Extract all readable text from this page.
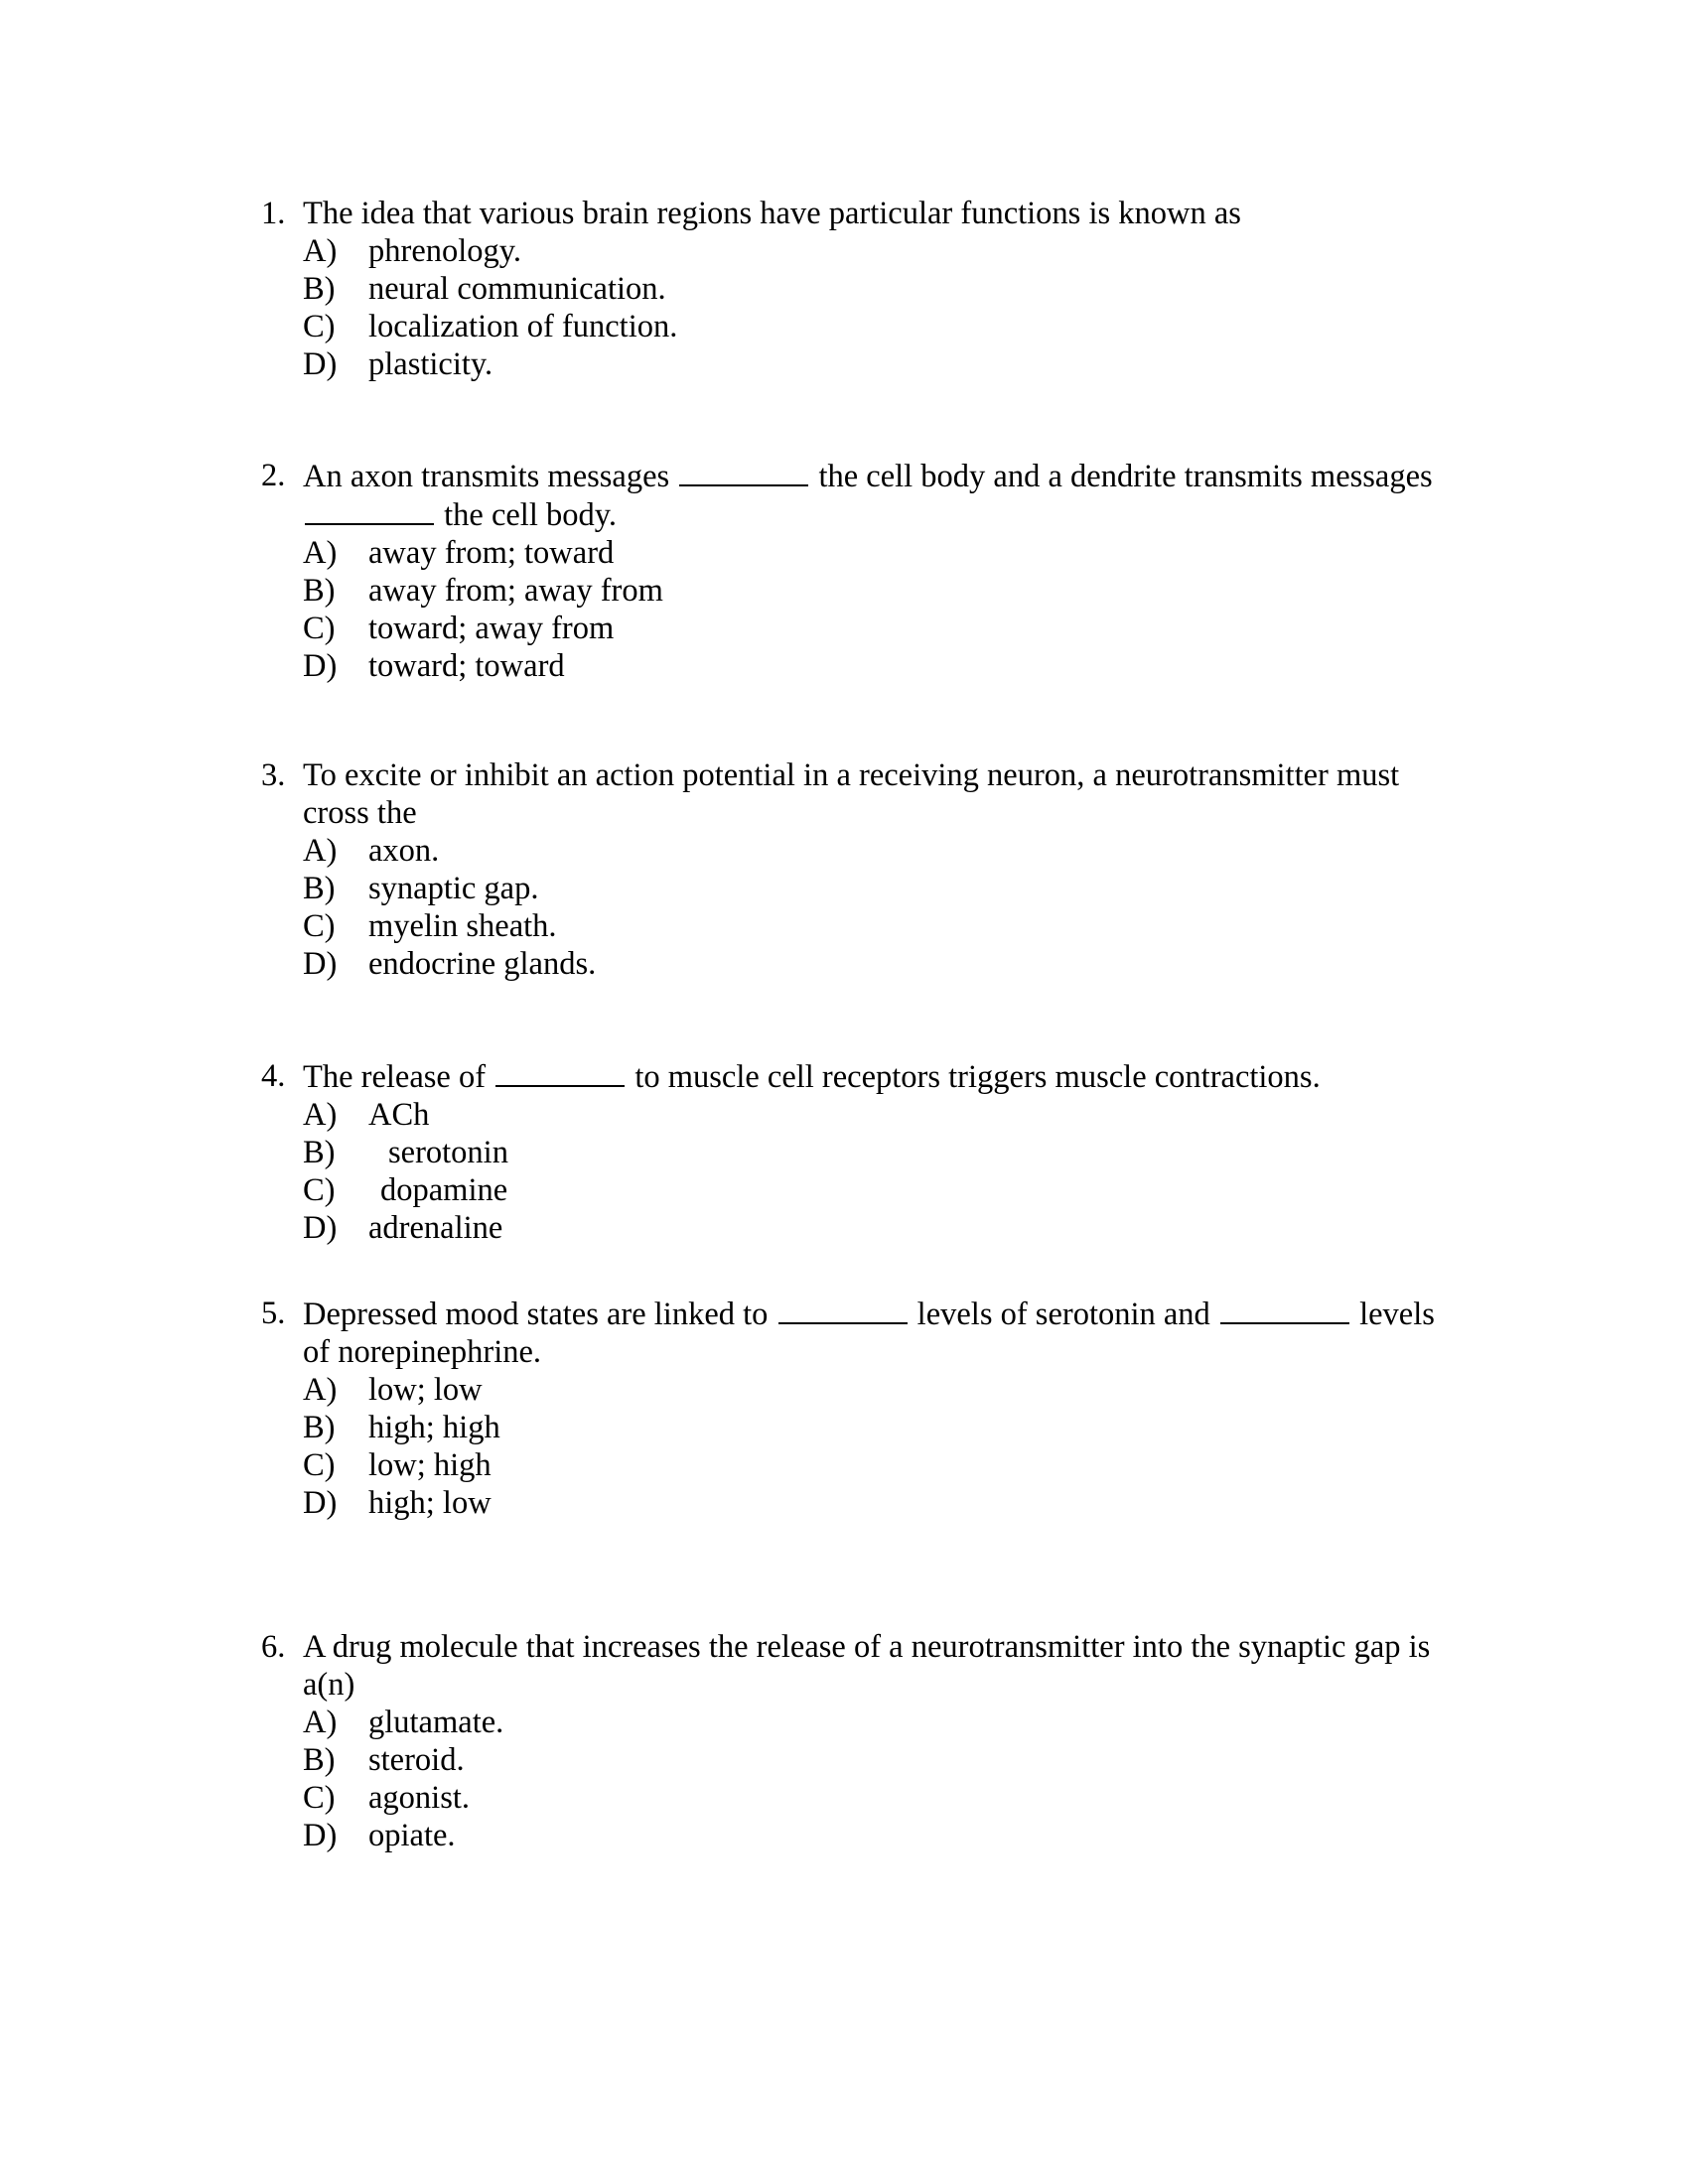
1. The idea that various brain regions have particular functions is known as
A) phrenology.
B)	neural communication.
C)	localization of function.
D) plasticity.
2. An axon transmits messages	the cell body and a dendrite transmits messages  the cell body.
A) away from; toward
B)	away from; away from
C)	toward; away from
D) toward; toward
3. To excite or inhibit an action potential in a receiving neuron, a neurotransmitter must cross the
A) axon.
B)	synaptic gap.
C)	myelin sheath.
D) endocrine glands.
4. The release of	to muscle cell receptors triggers muscle contractions.
A) ACh
B)	serotonin
C)	dopamine
D) adrenaline
5. Depressed mood states are linked to	levels of serotonin and	levels of norepinephrine.
A) low; low
B)	high; high
C)	low; high
D) high; low
6. A drug molecule that increases the release of a neurotransmitter into the synaptic gap is a(n)
A) glutamate.
B)	steroid.
C)	agonist.
D) opiate.
